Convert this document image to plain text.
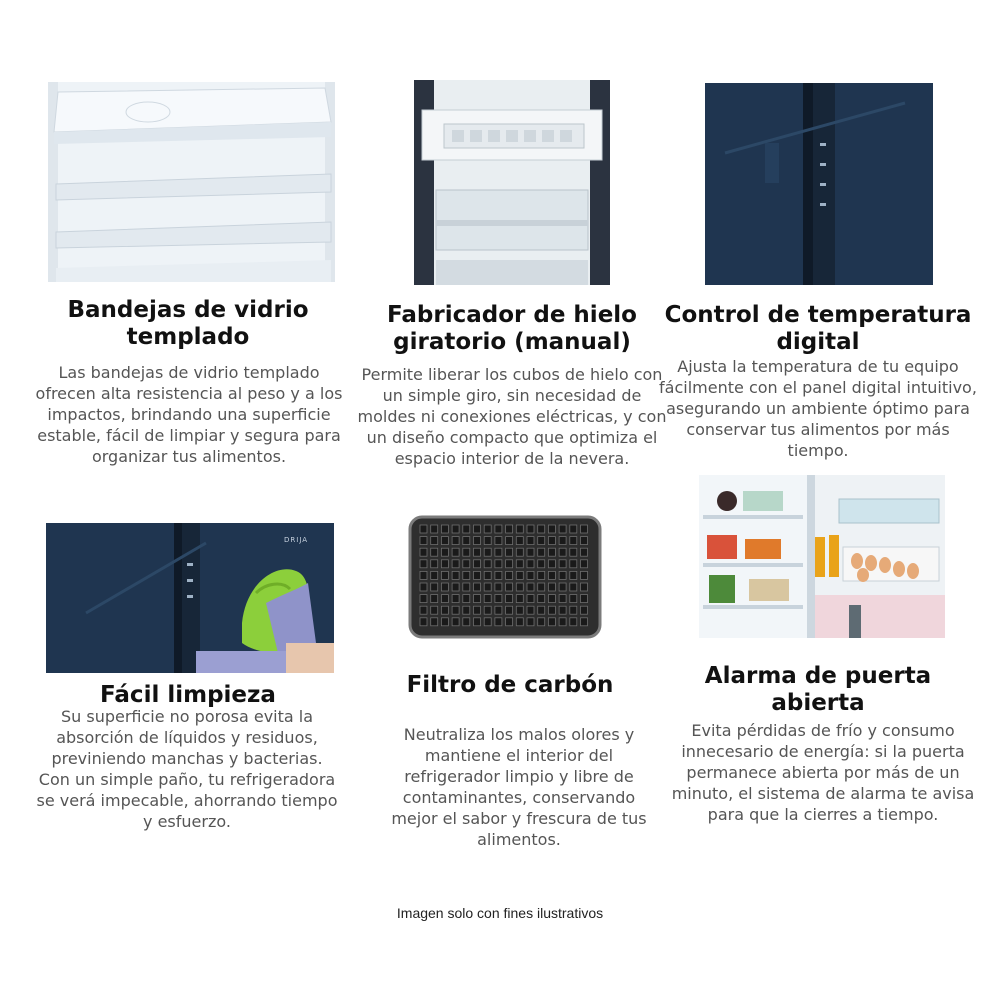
Bandejas de vidrio templado

Las bandejas de vidrio templado ofrecen alta resistencia al peso y a los impactos, brindando una superficie estable, fácil de limpiar y segura para organizar tus alimentos.

Fabricador de hielo giratorio (manual)

Permite liberar los cubos de hielo con un simple giro, sin necesidad de moldes ni conexiones eléctricas, y con un diseño compacto que optimiza el espacio interior de la nevera.

Control de temperatura digital

Ajusta la temperatura de tu equipo fácilmente con el panel digital intuitivo, asegurando un ambiente óptimo para conservar tus alimentos por más tiempo.

DRIJA
Fácil limpieza

Su superficie no porosa evita la absorción de líquidos y residuos, previniendo manchas y bacterias. Con un simple paño, tu refrigeradora se verá impecable, ahorrando tiempo y esfuerzo.

Filtro de carbón

Neutraliza los malos olores y mantiene el interior del refrigerador limpio y libre de contaminantes, conservando mejor el sabor y frescura de tus alimentos.

Alarma de puerta abierta

Evita pérdidas de frío y consumo innecesario de energía: si la puerta permanece abierta por más de un minuto, el sistema de alarma te avisa para que la cierres a tiempo.

Imagen solo con fines ilustrativos
